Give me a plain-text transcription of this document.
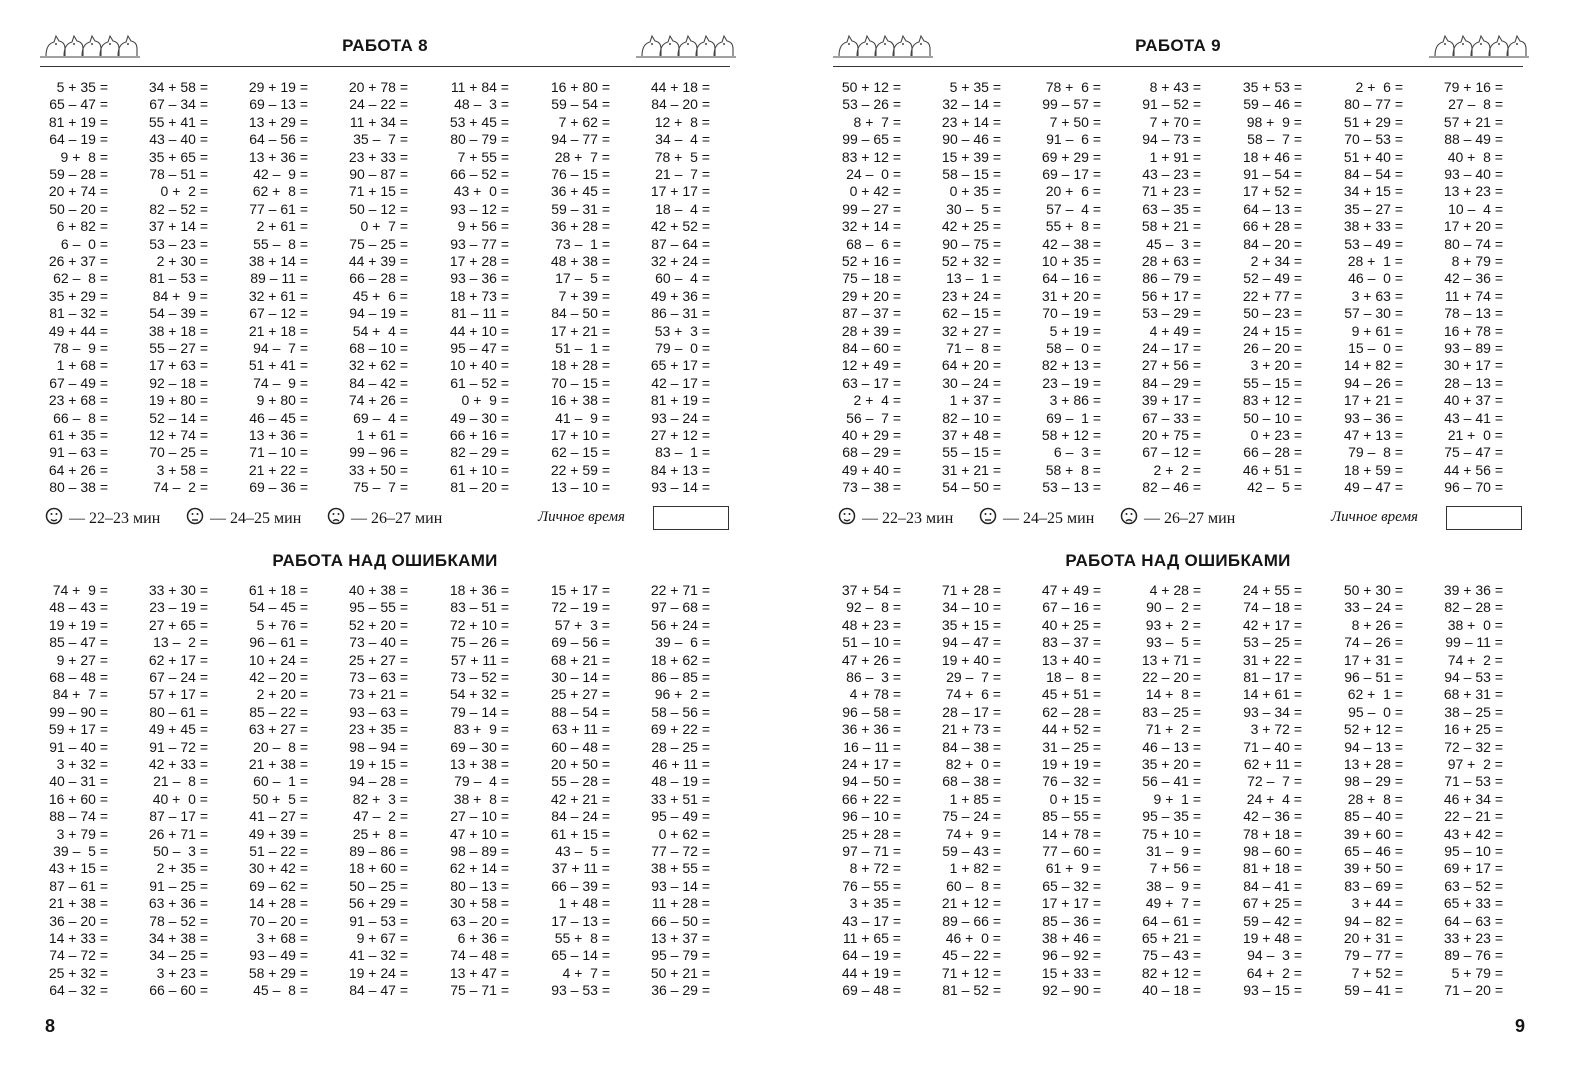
РАБОТА 8
5 + 35 =	34 + 58 =	29 + 19 =	20 + 78 =	11 + 84 =	16 + 80 =	44 + 18 =
65 – 47 =	67 – 34 =	69 – 13 =	24 – 22 =	48 –  3 =	59 – 54 =	84 – 20 =
81 + 19 =	55 + 41 =	13 + 29 =	11 + 34 =	53 + 45 =	7 + 62 =	12 +  8 =
64 – 19 =	43 – 40 =	64 – 56 =	35 –  7 =	80 – 79 =	94 – 77 =	34 –  4 =
9 +  8 =	35 + 65 =	13 + 36 =	23 + 33 =	7 + 55 =	28 +  7 =	78 +  5 =
59 – 28 =	78 – 51 =	42 –  9 =	90 – 87 =	66 – 52 =	76 – 15 =	21 –  7 =
20 + 74 =	0 +  2 =	62 +  8 =	71 + 15 =	43 +  0 =	36 + 45 =	17 + 17 =
50 – 20 =	82 – 52 =	77 – 61 =	50 – 12 =	93 – 12 =	59 – 31 =	18 –  4 =
6 + 82 =	37 + 14 =	2 + 61 =	0 +  7 =	9 + 56 =	36 + 28 =	42 + 52 =
6 –  0 =	53 – 23 =	55 –  8 =	75 – 25 =	93 – 77 =	73 –  1 =	87 – 64 =
26 + 37 =	2 + 30 =	38 + 14 =	44 + 39 =	17 + 28 =	48 + 38 =	32 + 24 =
62 –  8 =	81 – 53 =	89 – 11 =	66 – 28 =	93 – 36 =	17 –  5 =	60 –  4 =
35 + 29 =	84 +  9 =	32 + 61 =	45 +  6 =	18 + 73 =	7 + 39 =	49 + 36 =
81 – 32 =	54 – 39 =	67 – 12 =	94 – 19 =	81 – 11 =	84 – 50 =	86 – 31 =
49 + 44 =	38 + 18 =	21 + 18 =	54 +  4 =	44 + 10 =	17 + 21 =	53 +  3 =
78 –  9 =	55 – 27 =	94 –  7 =	68 – 10 =	95 – 47 =	51 –  1 =	79 –  0 =
1 + 68 =	17 + 63 =	51 + 41 =	32 + 62 =	10 + 40 =	18 + 28 =	65 + 17 =
67 – 49 =	92 – 18 =	74 –  9 =	84 – 42 =	61 – 52 =	70 – 15 =	42 – 17 =
23 + 68 =	19 + 80 =	9 + 80 =	74 + 26 =	0 +  9 =	16 + 38 =	81 + 19 =
66 –  8 =	52 – 14 =	46 – 45 =	69 –  4 =	49 – 30 =	41 –  9 =	93 – 24 =
61 + 35 =	12 + 74 =	13 + 36 =	1 + 61 =	66 + 16 =	17 + 10 =	27 + 12 =
91 – 63 =	70 – 25 =	71 – 10 =	99 – 96 =	82 – 29 =	62 – 15 =	83 –  1 =
64 + 26 =	3 + 58 =	21 + 22 =	33 + 50 =	61 + 10 =	22 + 59 =	84 + 13 =
80 – 38 =	74 –  2 =	69 – 36 =	75 –  7 =	81 – 20 =	13 – 10 =	93 – 14 =
РАБОТА НАД ОШИБКАМИ
74 +  9 =	33 + 30 =	61 + 18 =	40 + 38 =	18 + 36 =	15 + 17 =	22 + 71 =
48 – 43 =	23 – 19 =	54 – 45 =	95 – 55 =	83 – 51 =	72 – 19 =	97 – 68 =
19 + 19 =	27 + 65 =	5 + 76 =	52 + 20 =	72 + 10 =	57 +  3 =	56 + 24 =
85 – 47 =	13 –  2 =	96 – 61 =	73 – 40 =	75 – 26 =	69 – 56 =	39 –  6 =
9 + 27 =	62 + 17 =	10 + 24 =	25 + 27 =	57 + 11 =	68 + 21 =	18 + 62 =
68 – 48 =	67 – 24 =	42 – 20 =	73 – 63 =	73 – 52 =	30 – 14 =	86 – 85 =
84 +  7 =	57 + 17 =	2 + 20 =	73 + 21 =	54 + 32 =	25 + 27 =	96 +  2 =
99 – 90 =	80 – 61 =	85 – 22 =	93 – 63 =	79 – 14 =	88 – 54 =	58 – 56 =
59 + 17 =	49 + 45 =	63 + 27 =	23 + 35 =	83 +  9 =	63 + 11 =	69 + 22 =
91 – 40 =	91 – 72 =	20 –  8 =	98 – 94 =	69 – 30 =	60 – 48 =	28 – 25 =
3 + 32 =	42 + 33 =	21 + 38 =	19 + 15 =	13 + 38 =	20 + 50 =	46 + 11 =
40 – 31 =	21 –  8 =	60 –  1 =	94 – 28 =	79 –  4 =	55 – 28 =	48 – 19 =
16 + 60 =	40 +  0 =	50 +  5 =	82 +  3 =	38 +  8 =	42 + 21 =	33 + 51 =
88 – 74 =	87 – 17 =	41 – 27 =	47 –  2 =	27 – 10 =	84 – 24 =	95 – 49 =
3 + 79 =	26 + 71 =	49 + 39 =	25 +  8 =	47 + 10 =	61 + 15 =	0 + 62 =
39 –  5 =	50 –  3 =	51 – 22 =	89 – 86 =	98 – 89 =	43 –  5 =	77 – 72 =
43 + 15 =	2 + 35 =	30 + 42 =	18 + 60 =	62 + 14 =	37 + 11 =	38 + 55 =
87 – 61 =	91 – 25 =	69 – 62 =	50 – 25 =	80 – 13 =	66 – 39 =	93 – 14 =
21 + 38 =	63 + 36 =	14 + 28 =	56 + 29 =	30 + 58 =	1 + 48 =	11 + 28 =
36 – 20 =	78 – 52 =	70 – 20 =	91 – 53 =	63 – 20 =	17 – 13 =	66 – 50 =
14 + 33 =	34 + 38 =	3 + 68 =	9 + 67 =	6 + 36 =	55 +  8 =	13 + 37 =
74 – 72 =	34 – 25 =	93 – 49 =	41 – 32 =	74 – 48 =	65 – 14 =	95 – 79 =
25 + 32 =	3 + 23 =	58 + 29 =	19 + 24 =	13 + 47 =	4 +  7 =	50 + 21 =
64 – 32 =	66 – 60 =	45 –  8 =	84 – 47 =	75 – 71 =	93 – 53 =	36 – 29 =
— 22–23 мин	— 24–25 мин	— 26–27 мин	Личное время
8
РАБОТА 9
50 + 12 =	5 + 35 =	78 +  6 =	8 + 43 =	35 + 53 =	2 +  6 =	79 + 16 =
53 – 26 =	32 – 14 =	99 – 57 =	91 – 52 =	59 – 46 =	80 – 77 =	27 –  8 =
8 +  7 =	23 + 14 =	7 + 50 =	7 + 70 =	98 +  9 =	51 + 29 =	57 + 21 =
99 – 65 =	90 – 46 =	91 –  6 =	94 – 73 =	58 –  7 =	70 – 53 =	88 – 49 =
83 + 12 =	15 + 39 =	69 + 29 =	1 + 91 =	18 + 46 =	51 + 40 =	40 +  8 =
24 –  0 =	58 – 15 =	69 – 17 =	43 – 23 =	91 – 54 =	84 – 54 =	93 – 40 =
0 + 42 =	0 + 35 =	20 +  6 =	71 + 23 =	17 + 52 =	34 + 15 =	13 + 23 =
99 – 27 =	30 –  5 =	57 –  4 =	63 – 35 =	64 – 13 =	35 – 27 =	10 –  4 =
32 + 14 =	42 + 25 =	55 +  8 =	58 + 21 =	66 + 28 =	38 + 33 =	17 + 20 =
68 –  6 =	90 – 75 =	42 – 38 =	45 –  3 =	84 – 20 =	53 – 49 =	80 – 74 =
52 + 16 =	52 + 32 =	10 + 35 =	28 + 63 =	2 + 34 =	28 +  1 =	8 + 79 =
75 – 18 =	13 –  1 =	64 – 16 =	86 – 79 =	52 – 49 =	46 –  0 =	42 – 36 =
29 + 20 =	23 + 24 =	31 + 20 =	56 + 17 =	22 + 77 =	3 + 63 =	11 + 74 =
87 – 37 =	62 – 15 =	70 – 19 =	53 – 29 =	50 – 23 =	57 – 30 =	78 – 13 =
28 + 39 =	32 + 27 =	5 + 19 =	4 + 49 =	24 + 15 =	9 + 61 =	16 + 78 =
84 – 60 =	71 –  8 =	58 –  0 =	24 – 17 =	26 – 20 =	15 –  0 =	93 – 89 =
12 + 49 =	64 + 20 =	82 + 13 =	27 + 56 =	3 + 20 =	14 + 82 =	30 + 17 =
63 – 17 =	30 – 24 =	23 – 19 =	84 – 29 =	55 – 15 =	94 – 26 =	28 – 13 =
2 +  4 =	1 + 37 =	3 + 86 =	39 + 17 =	83 + 12 =	17 + 21 =	40 + 37 =
56 –  7 =	82 – 10 =	69 –  1 =	67 – 33 =	50 – 10 =	93 – 36 =	43 – 41 =
40 + 29 =	37 + 48 =	58 + 12 =	20 + 75 =	0 + 23 =	47 + 13 =	21 +  0 =
68 – 29 =	55 – 15 =	6 –  3 =	67 – 12 =	66 – 28 =	79 –  8 =	75 – 47 =
49 + 40 =	31 + 21 =	58 +  8 =	2 +  2 =	46 + 51 =	18 + 59 =	44 + 56 =
73 – 38 =	54 – 50 =	53 – 13 =	82 – 46 =	42 –  5 =	49 – 47 =	96 – 70 =
РАБОТА НАД ОШИБКАМИ
37 + 54 =	71 + 28 =	47 + 49 =	4 + 28 =	24 + 55 =	50 + 30 =	39 + 36 =
92 –  8 =	34 – 10 =	67 – 16 =	90 –  2 =	74 – 18 =	33 – 24 =	82 – 28 =
48 + 23 =	35 + 15 =	40 + 25 =	93 +  2 =	42 + 17 =	8 + 26 =	38 +  0 =
51 – 10 =	94 – 47 =	83 – 37 =	93 –  5 =	53 – 25 =	74 – 26 =	99 – 11 =
47 + 26 =	19 + 40 =	13 + 40 =	13 + 71 =	31 + 22 =	17 + 31 =	74 +  2 =
86 –  3 =	29 –  7 =	18 –  8 =	22 – 20 =	81 – 17 =	96 – 51 =	94 – 53 =
4 + 78 =	74 +  6 =	45 + 51 =	14 +  8 =	14 + 61 =	62 +  1 =	68 + 31 =
96 – 58 =	28 – 17 =	62 – 28 =	83 – 25 =	93 – 34 =	95 –  0 =	38 – 25 =
36 + 36 =	21 + 73 =	44 + 52 =	71 +  2 =	3 + 72 =	52 + 12 =	16 + 25 =
16 – 11 =	84 – 38 =	31 – 25 =	46 – 13 =	71 – 40 =	94 – 13 =	72 – 32 =
24 + 17 =	82 +  0 =	19 + 19 =	35 + 20 =	62 + 11 =	13 + 28 =	97 +  2 =
94 – 50 =	68 – 38 =	76 – 32 =	56 – 41 =	72 –  7 =	98 – 29 =	71 – 53 =
66 + 22 =	1 + 85 =	0 + 15 =	9 +  1 =	24 +  4 =	28 +  8 =	46 + 34 =
96 – 10 =	75 – 24 =	85 – 55 =	95 – 35 =	42 – 36 =	85 – 40 =	22 – 21 =
25 + 28 =	74 +  9 =	14 + 78 =	75 + 10 =	78 + 18 =	39 + 60 =	43 + 42 =
97 – 71 =	59 – 43 =	77 – 60 =	31 –  9 =	98 – 60 =	65 – 46 =	95 – 10 =
8 + 72 =	1 + 82 =	61 +  9 =	7 + 56 =	81 + 18 =	39 + 50 =	69 + 17 =
76 – 55 =	60 –  8 =	65 – 32 =	38 –  9 =	84 – 41 =	83 – 69 =	63 – 52 =
3 + 35 =	21 + 12 =	17 + 17 =	49 +  7 =	67 + 25 =	3 + 44 =	65 + 33 =
43 – 17 =	89 – 66 =	85 – 36 =	64 – 61 =	59 – 42 =	94 – 82 =	64 – 63 =
11 + 65 =	46 +  0 =	38 + 46 =	65 + 21 =	19 + 48 =	20 + 31 =	33 + 23 =
64 – 19 =	45 – 22 =	96 – 92 =	75 – 43 =	94 –  3 =	79 – 77 =	89 – 76 =
44 + 19 =	71 + 12 =	15 + 33 =	82 + 12 =	64 +  2 =	7 + 52 =	5 + 79 =
69 – 48 =	81 – 52 =	92 – 90 =	40 – 18 =	93 – 15 =	59 – 41 =	71 – 20 =
— 22–23 мин	— 24–25 мин	— 26–27 мин	Личное время
9
